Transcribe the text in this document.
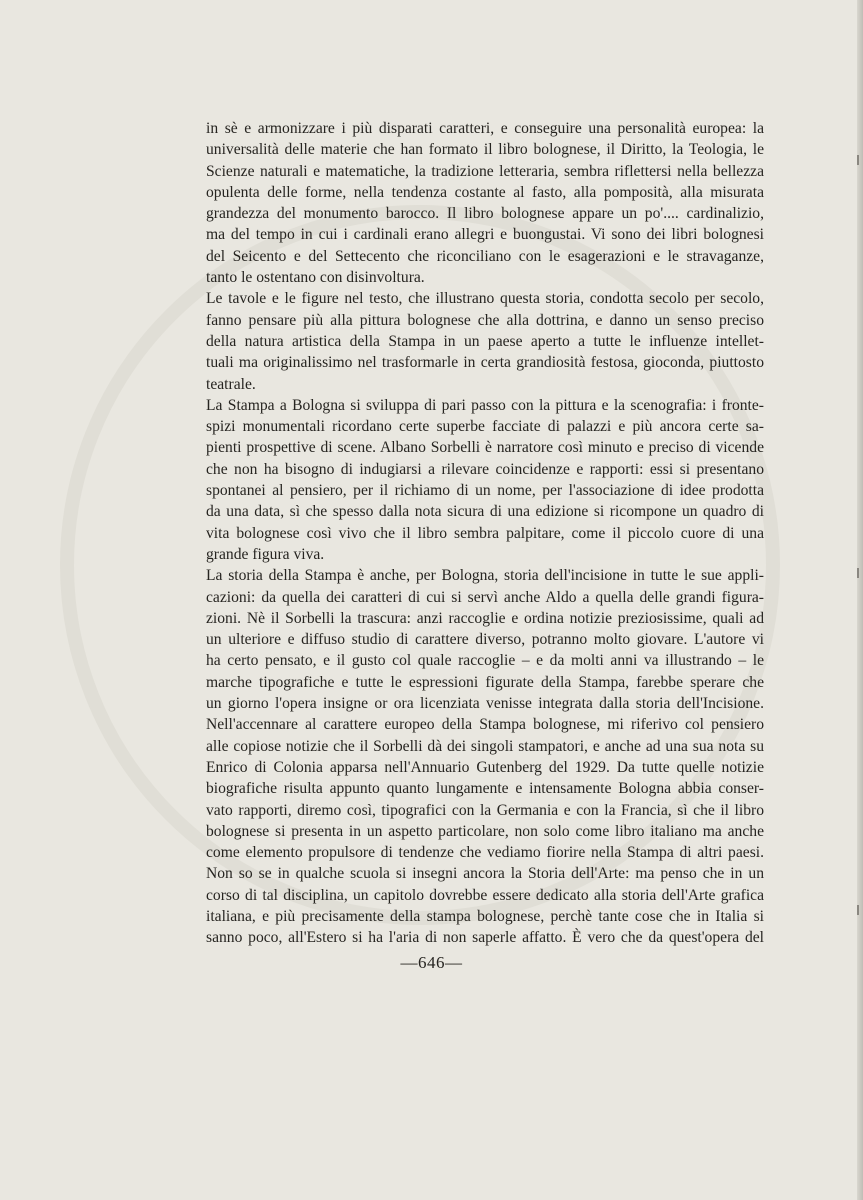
in sè e armonizzare i più disparati caratteri, e conseguire una personalità europea: la
universalità delle materie che han formato il libro bolognese, il Diritto, la Teologia, le
Scienze naturali e matematiche, la tradizione letteraria, sembra riflettersi nella bellezza
opulenta delle forme, nella tendenza costante al fasto, alla pomposità, alla misurata
grandezza del monumento barocco. Il libro bolognese appare un po'.... cardinalizio,
ma del tempo in cui i cardinali erano allegri e buongustai. Vi sono dei libri bolognesi
del Seicento e del Settecento che riconciliano con le esagerazioni e le stravaganze,
tanto le ostentano con disinvoltura.
Le tavole e le figure nel testo, che illustrano questa storia, condotta secolo per secolo,
fanno pensare più alla pittura bolognese che alla dottrina, e danno un senso preciso
della natura artistica della Stampa in un paese aperto a tutte le influenze intellet-
tuali ma originalissimo nel trasformarle in certa grandiosità festosa, gioconda, piuttosto
teatrale.
La Stampa a Bologna si sviluppa di pari passo con la pittura e la scenografia: i fronte-
spizi monumentali ricordano certe superbe facciate di palazzi e più ancora certe sa-
pienti prospettive di scene. Albano Sorbelli è narratore così minuto e preciso di vicende
che non ha bisogno di indugiarsi a rilevare coincidenze e rapporti: essi si presentano
spontanei al pensiero, per il richiamo di un nome, per l'associazione di idee prodotta
da una data, sì che spesso dalla nota sicura di una edizione si ricompone un quadro di
vita bolognese così vivo che il libro sembra palpitare, come il piccolo cuore di una
grande figura viva.
La storia della Stampa è anche, per Bologna, storia dell'incisione in tutte le sue appli-
cazioni: da quella dei caratteri di cui si servì anche Aldo a quella delle grandi figura-
zioni. Nè il Sorbelli la trascura: anzi raccoglie e ordina notizie preziosissime, quali ad
un ulteriore e diffuso studio di carattere diverso, potranno molto giovare. L'autore vi
ha certo pensato, e il gusto col quale raccoglie – e da molti anni va illustrando – le
marche tipografiche e tutte le espressioni figurate della Stampa, farebbe sperare che
un giorno l'opera insigne or ora licenziata venisse integrata dalla storia dell'Incisione.
Nell'accennare al carattere europeo della Stampa bolognese, mi riferivo col pensiero
alle copiose notizie che il Sorbelli dà dei singoli stampatori, e anche ad una sua nota su
Enrico di Colonia apparsa nell'Annuario Gutenberg del 1929. Da tutte quelle notizie
biografiche risulta appunto quanto lungamente e intensamente Bologna abbia conser-
vato rapporti, diremo così, tipografici con la Germania e con la Francia, sì che il libro
bolognese si presenta in un aspetto particolare, non solo come libro italiano ma anche
come elemento propulsore di tendenze che vediamo fiorire nella Stampa di altri paesi.
Non so se in qualche scuola si insegni ancora la Storia dell'Arte: ma penso che in un
corso di tal disciplina, un capitolo dovrebbe essere dedicato alla storia dell'Arte grafica
italiana, e più precisamente della stampa bolognese, perchè tante cose che in Italia si
sanno poco, all'Estero si ha l'aria di non saperle affatto. È vero che da quest'opera del
—646—
